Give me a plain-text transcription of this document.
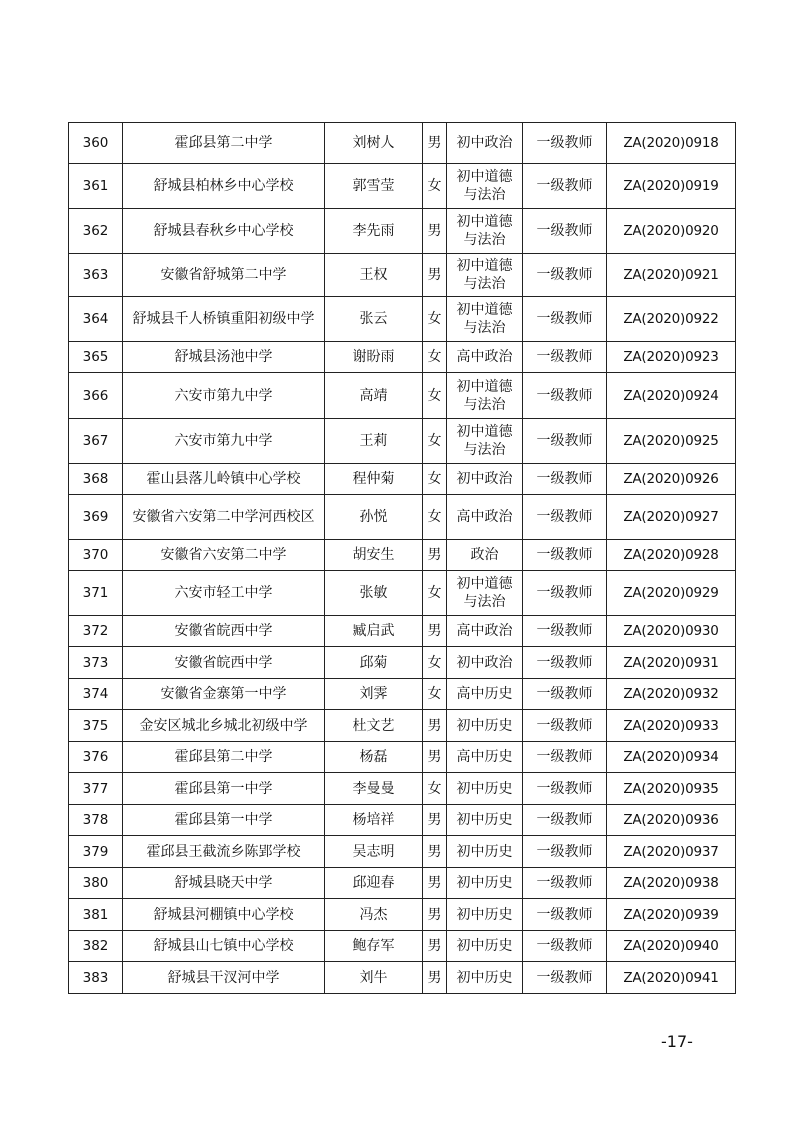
360	霍邱县第二中学	刘树人	男	初中政治	一级教师	ZA(2020)0918
361	舒城县柏林乡中心学校	郭雪莹	女	初中道德与法治	一级教师	ZA(2020)0919
362	舒城县春秋乡中心学校	李先雨	男	初中道德与法治	一级教师	ZA(2020)0920
363	安徽省舒城第二中学	王权	男	初中道德与法治	一级教师	ZA(2020)0921
364	舒城县千人桥镇重阳初级中学	张云	女	初中道德与法治	一级教师	ZA(2020)0922
365	舒城县汤池中学	谢盼雨	女	高中政治	一级教师	ZA(2020)0923
366	六安市第九中学	高靖	女	初中道德与法治	一级教师	ZA(2020)0924
367	六安市第九中学	王莉	女	初中道德与法治	一级教师	ZA(2020)0925
368	霍山县落儿岭镇中心学校	程仲菊	女	初中政治	一级教师	ZA(2020)0926
369	安徽省六安第二中学河西校区	孙悦	女	高中政治	一级教师	ZA(2020)0927
370	安徽省六安第二中学	胡安生	男	政治	一级教师	ZA(2020)0928
371	六安市轻工中学	张敏	女	初中道德与法治	一级教师	ZA(2020)0929
372	安徽省皖西中学	臧启武	男	高中政治	一级教师	ZA(2020)0930
373	安徽省皖西中学	邱菊	女	初中政治	一级教师	ZA(2020)0931
374	安徽省金寨第一中学	刘霁	女	高中历史	一级教师	ZA(2020)0932
375	金安区城北乡城北初级中学	杜文艺	男	初中历史	一级教师	ZA(2020)0933
376	霍邱县第二中学	杨磊	男	高中历史	一级教师	ZA(2020)0934
377	霍邱县第一中学	李曼曼	女	初中历史	一级教师	ZA(2020)0935
378	霍邱县第一中学	杨培祥	男	初中历史	一级教师	ZA(2020)0936
379	霍邱县王截流乡陈郢学校	吴志明	男	初中历史	一级教师	ZA(2020)0937
380	舒城县晓天中学	邱迎春	男	初中历史	一级教师	ZA(2020)0938
381	舒城县河棚镇中心学校	冯杰	男	初中历史	一级教师	ZA(2020)0939
382	舒城县山七镇中心学校	鲍存军	男	初中历史	一级教师	ZA(2020)0940
383	舒城县干汊河中学	刘牛	男	初中历史	一级教师	ZA(2020)0941
-17-
